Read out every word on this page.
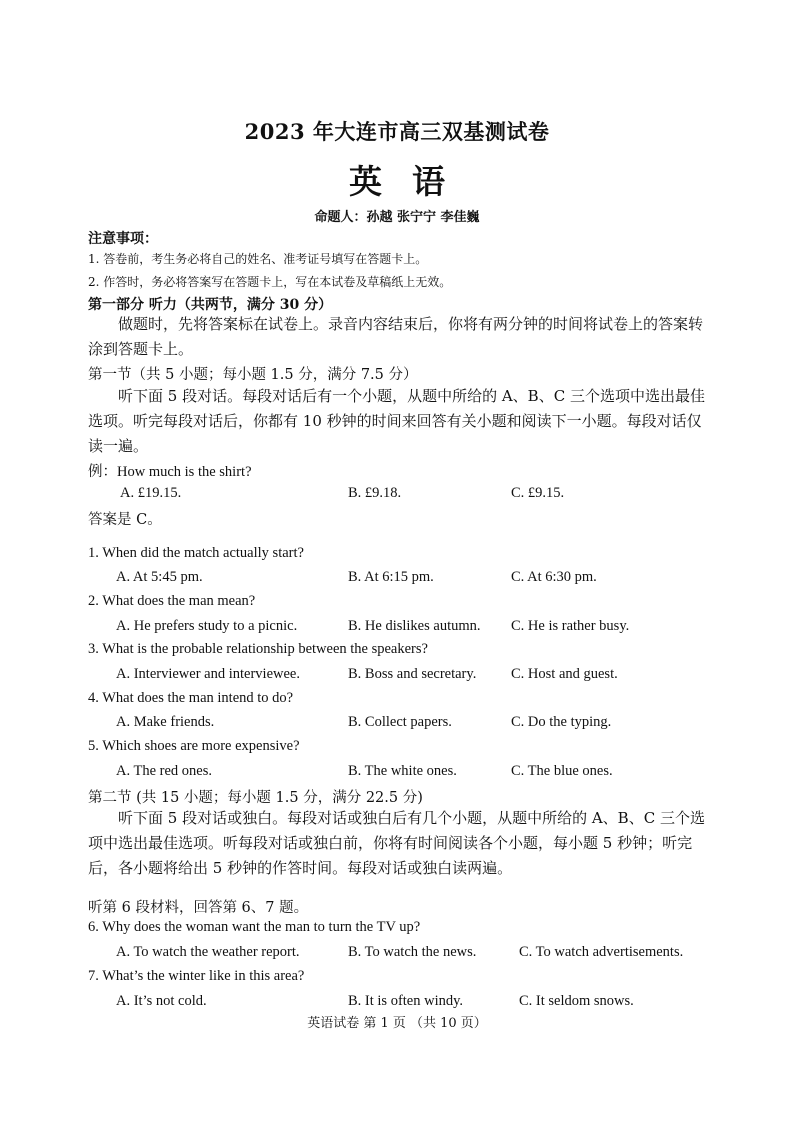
2023 年大连市高三双基测试卷
英语
命题人：孙越 张宁宁 李佳巍
注意事项：
1. 答卷前，考生务必将自己的姓名、准考证号填写在答题卡上。
2. 作答时，务必将答案写在答题卡上，写在本试卷及草稿纸上无效。
第一部分 听力（共两节，满分 30 分）
做题时，先将答案标在试卷上。录音内容结束后，你将有两分钟的时间将试卷上的答案转涂到答题卡上。
第一节（共 5 小题；每小题 1.5 分，满分 7.5 分）
听下面 5 段对话。每段对话后有一个小题，从题中所给的 A、B、C 三个选项中选出最佳选项。听完每段对话后，你都有 10 秒钟的时间来回答有关小题和阅读下一小题。每段对话仅读一遍。
例：How much is the shirt?
A. £19.15.	B. £9.18.	C. £9.15.
答案是 C。
1. When did the match actually start?
A. At 5:45 pm.	B. At 6:15 pm.	C. At 6:30 pm.
2. What does the man mean?
A. He prefers study to a picnic.	B. He dislikes autumn. C. He is rather busy.
3. What is the probable relationship between the speakers?
A. Interviewer and interviewee.	B. Boss and secretary. C. Host and guest.
4. What does the man intend to do?
A. Make friends.	B. Collect papers.	C. Do the typing.
5. Which shoes are more expensive?
A. The red ones.	B. The white ones.	C. The blue ones.
第二节 (共 15 小题；每小题 1.5 分，满分 22.5 分)
听下面 5 段对话或独白。每段对话或独白后有几个小题，从题中所给的 A、B、C 三个选项中选出最佳选项。听每段对话或独白前，你将有时间阅读各个小题，每小题 5 秒钟；听完后，各小题将给出 5 秒钟的作答时间。每段对话或独白读两遍。
听第 6 段材料，回答第 6、7 题。
6. Why does the woman want the man to turn the TV up?
A. To watch the weather report.	B. To watch the news.	C. To watch advertisements.
7. What’s the winter like in this area?
A. It’s not cold.	B. It is often windy.	C. It seldom snows.
英语试卷 第 1 页 （共 10 页）
